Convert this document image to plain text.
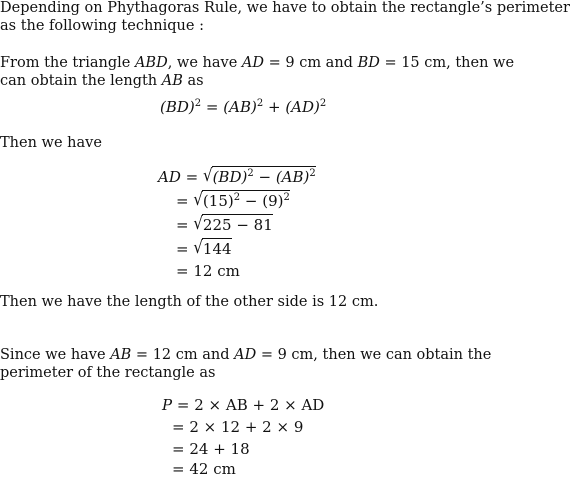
Depending on Phythagoras Rule, we have to obtain the rectangle’s perimeter
as the following technique :
From the triangle ABD, we have AD = 9 cm and BD = 15 cm, then we
can obtain the length AB as
(BD)$^2$ = (AB)$^2$ + (AD)$^2$
Then we have
AD = √(BD)$^2$ − (AB)$^2$
= $√(15)^2 - (9)^2$
= √225 − 81
= √144
= 12 cm
Then we have the length of the other side is 12 cm.
Since we have AB = 12 cm and AD = 9 cm, then we can obtain the
perimeter of the rectangle as
P = 2 × AB + 2 × AD
= 2 × 12 + 2 × 9
= 24 + 18
= 42 cm
